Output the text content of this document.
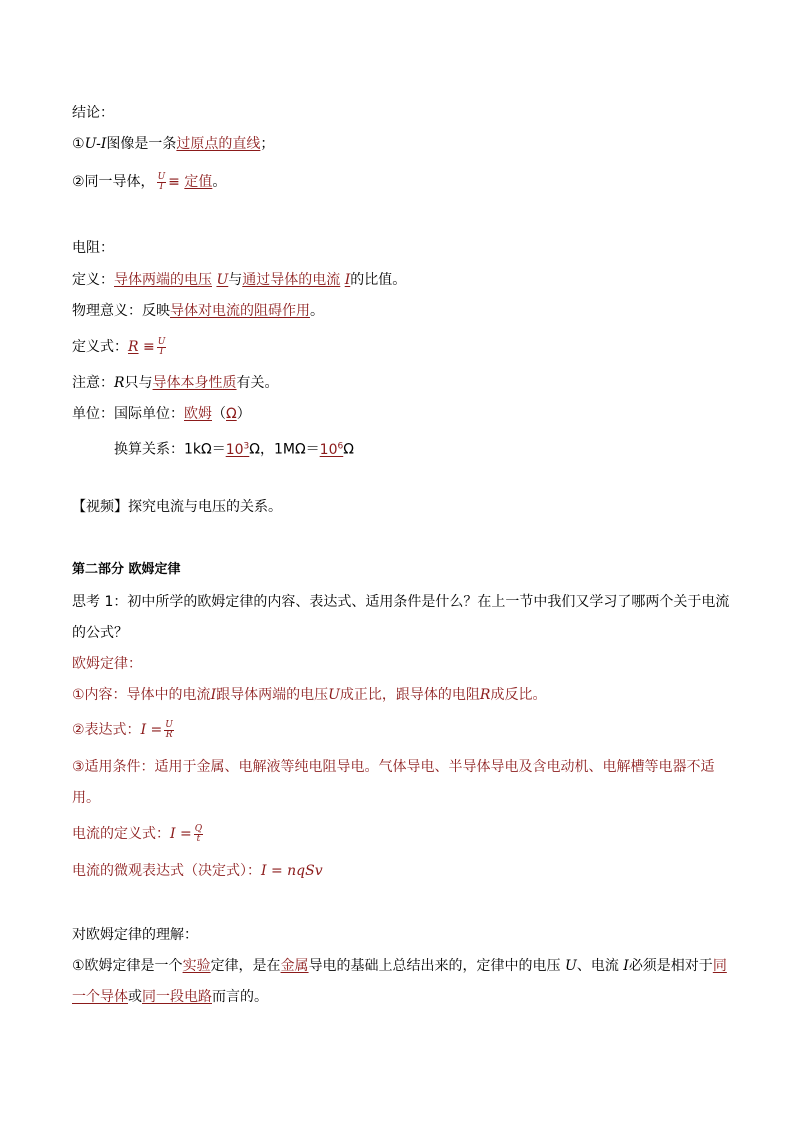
结论：
①U-I图像是一条过原点的直线；
②同一导体， $\frac{U}{I}$ ≡ 定值。
电阻：
定义：导体两端的电压 U与通过导体的电流 I的比值。
物理意义：反映导体对电流的阻碍作用。
定义式：$R \equiv \frac{U}{I}$
注意：R只与导体本身性质有关。
单位：国际单位：欧姆（Ω）
换算关系：$1k\Omega=10^3\Omega$，$1M\Omega=10^6\Omega$
【视频】探究电流与电压的关系。
第二部分 欧姆定律
思考 1：初中所学的欧姆定律的内容、表达式、适用条件是什么？在上一节中我们又学习了哪两个关于电流
的公式？
欧姆定律：
①内容：导体中的电流I跟导体两端的电压U成正比，跟导体的电阻R成反比。
②表达式：$I = \frac{U}{R}$
③适用条件：适用于金属、电解液等纯电阻导电。气体导电、半导体导电及含电动机、电解槽等电器不适
用。
电流的定义式：$I = \frac{Q}{t}$
电流的微观表达式（决定式）：I = nqSv
对欧姆定律的理解：
①欧姆定律是一个实验定律，是在金属导电的基础上总结出来的，定律中的电压 U、电流 I必须是相对于同
一个导体或同一段电路而言的。
